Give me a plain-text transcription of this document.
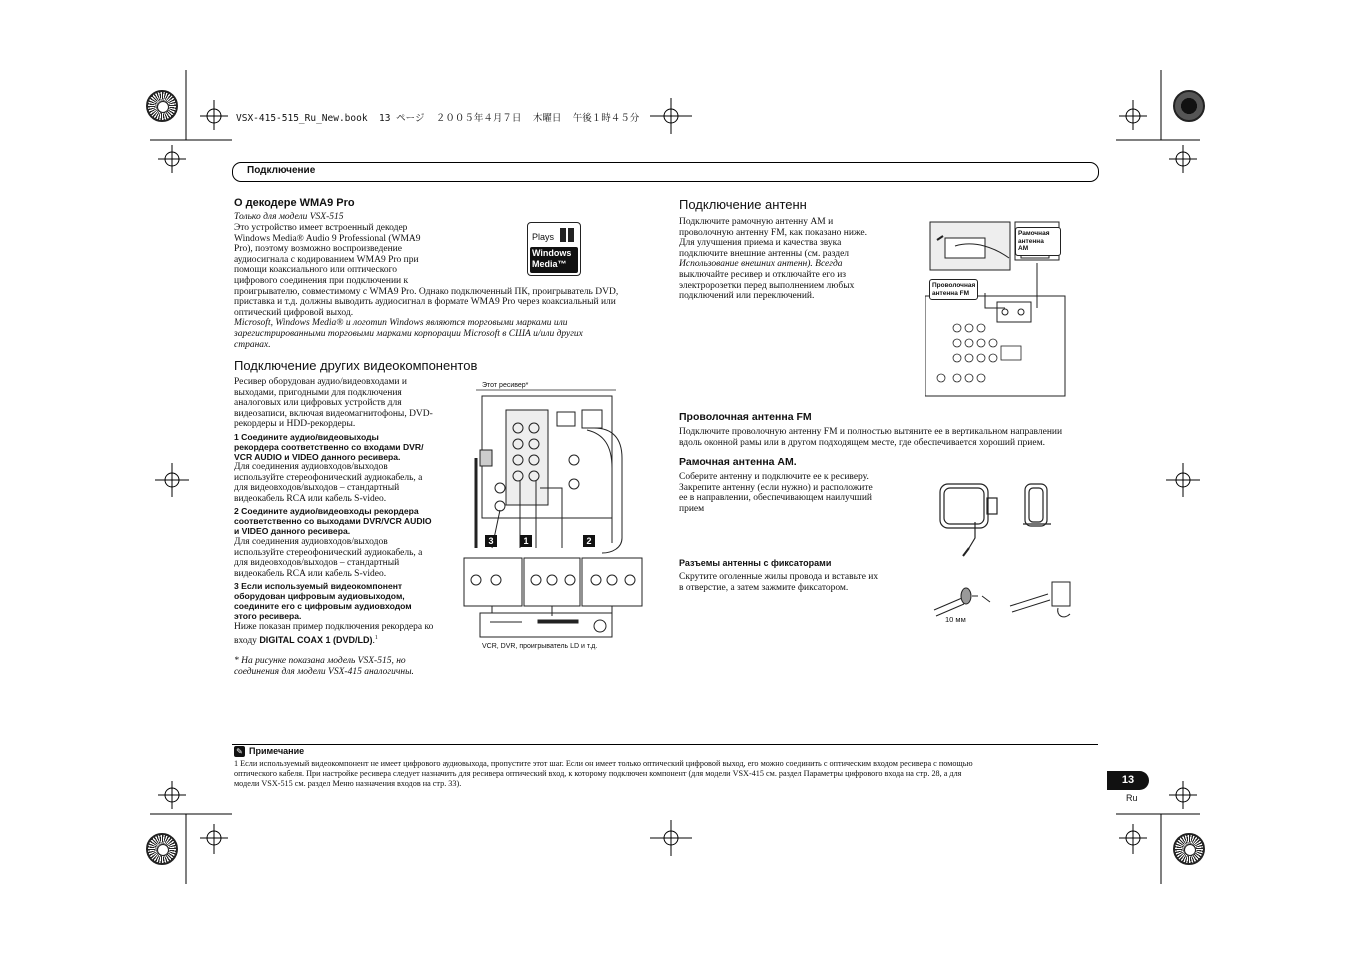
VSX-415-515_Ru_New.book  13 ページ  ２００５年４月７日  木曜日  午後１時４５分
Подключение
О декодере WMA9 Pro
Только для модели VSX-515
Это устройство имеет встроенный декодер
Windows Media® Audio 9 Professional (WMA9
Pro), поэтому возможно воспроизведение
аудиосигнала с кодированием WMA9 Pro при
помощи коаксиального или оптического
цифрового соединения при подключении к
проигрывателю, совместимому с WMA9 Pro. Однако подключенный ПК, проигрыватель DVD,
приставка и т.д. должны выводить аудиосигнал в формате WMA9 Pro через коаксиальный или
оптический цифровой выход.
Microsoft, Windows Media® и логотип Windows являются торговыми марками или
зарегистрированными торговыми марками корпорации Microsoft в США и/или других
странах.
Plays
Windows
Media™
Подключение других видеокомпонентов
Ресивер оборудован аудио/видеовходами и
выходами, пригодными для подключения
аналоговых или цифровых устройств для
видеозаписи, включая видеомагнитофоны, DVD-
рекордеры и HDD-рекордеры.
1 Соедините аудио/видеовыходы
рекордера соответственно со входами DVR/
VCR AUDIO и VIDEO данного ресивера.
Для соединения аудиовходов/выходов
используйте стереофонический аудиокабель, а
для видеовходов/выходов – стандартный
видеокабель RCA или кабель S-video.
2 Соедините аудио/видеовходы рекордера
соответственно со выходами DVR/VCR AUDIO
и VIDEO данного ресивера.
Для соединения аудиовходов/выходов
используйте стереофонический аудиокабель, а
для видеовходов/выходов – стандартный
видеокабель RCA или кабель S-video.
3 Если используемый видеокомпонент
оборудован цифровым аудиовыходом,
соедините его с цифровым аудиовходом
этого ресивера.
Ниже показан пример подключения рекордера ко
входу DIGITAL COAX 1 (DVD/LD).$^1$
* На рисунке показана модель VSX-515, но
соединения для модели VSX-415 аналогичны.
Этот ресивер*
VCR, DVR, проигрыватель LD и т.д.
3	1	2
Подключение антенн
Подключите рамочную антенну AM и
проволочную антенну FM, как показано ниже.
Для улучшения приема и качества звука
подключите внешние антенны (см. раздел
Использование внешних антенн). Всегда
выключайте ресивер и отключайте его из
электророзетки перед выполнением любых
подключений или переключений.
Рамочная
антенна
AM
Проволочная
антенна FM
Проволочная антенна FM
Подключите проволочную антенну FM и полностью вытяните ее в вертикальном направлении
вдоль оконной рамы или в другом подходящем месте, где обеспечивается хороший прием.
Рамочная антенна AM.
Соберите антенну и подключите ее к ресиверу.
Закрепите антенну (если нужно) и расположите
ее в направлении, обеспечивающем наилучший
прием
Разъемы антенны с фиксаторами
Скрутите оголенные жилы провода и вставьте их
в отверстие, а затем зажмите фиксатором.
10 мм
✎ Примечание
1 Если используемый видеокомпонент не имеет цифрового аудиовыхода, пропустите этот шаг. Если он имеет только оптический цифровой выход, его можно соединить с оптическим входом ресивера с помощью
оптического кабеля. При настройке ресивера следует назначить для ресивера оптический вход, к которому подключен компонент (для модели VSX-415 см. раздел Параметры цифрового входа на стр. 28, а для
модели VSX-515 см. раздел Меню назначения входов на стр. 33).	13
Ru
